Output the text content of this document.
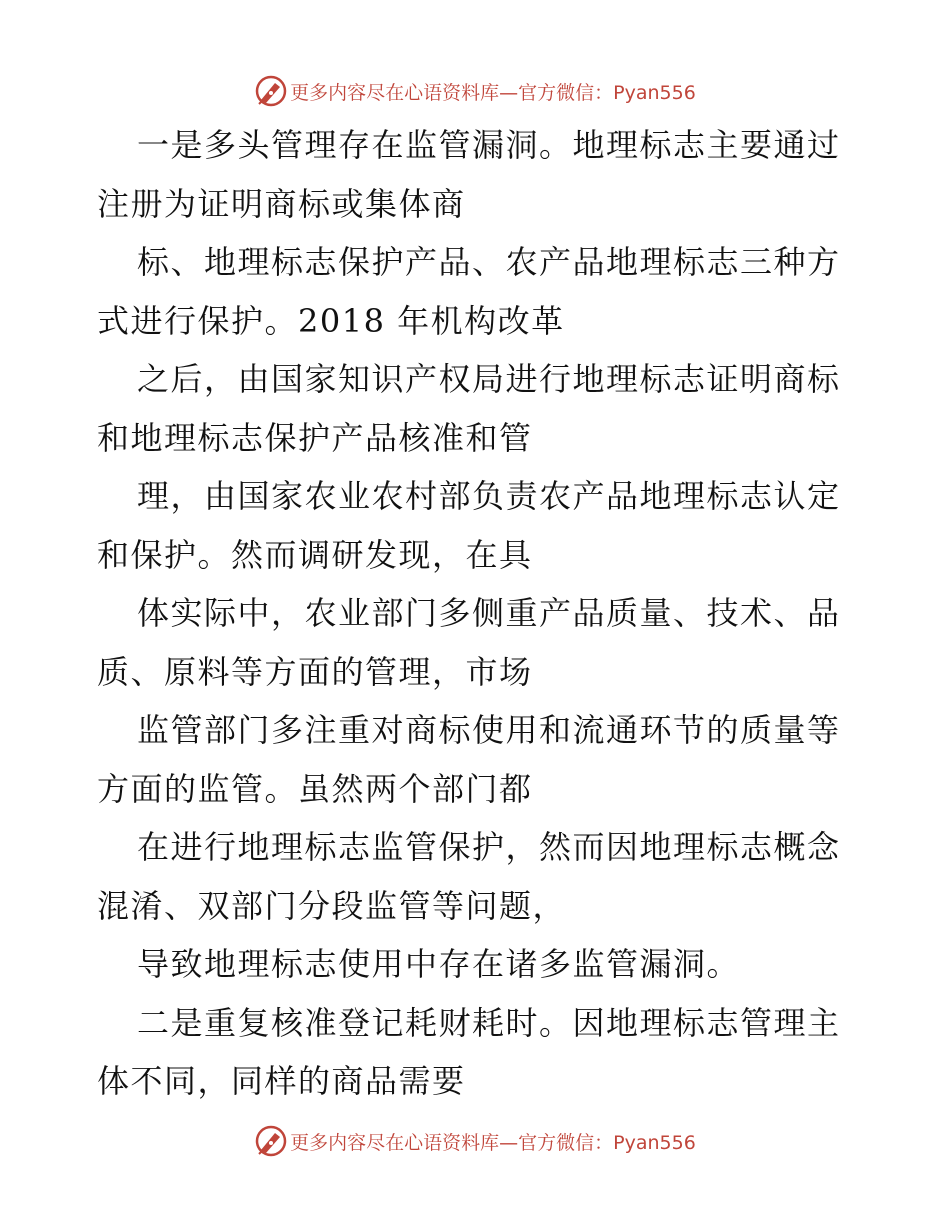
更多内容尽在心语资料库—官方微信：Pyan556
一是多头管理存在监管漏洞。地理标志主要通过
注册为证明商标或集体商
标、地理标志保护产品、农产品地理标志三种方
式进行保护。2018 年机构改革
之后，由国家知识产权局进行地理标志证明商标
和地理标志保护产品核准和管
理，由国家农业农村部负责农产品地理标志认定
和保护。然而调研发现，在具
体实际中，农业部门多侧重产品质量、技术、品
质、原料等方面的管理，市场
监管部门多注重对商标使用和流通环节的质量等
方面的监管。虽然两个部门都
在进行地理标志监管保护，然而因地理标志概念
混淆、双部门分段监管等问题，
导致地理标志使用中存在诸多监管漏洞。
二是重复核准登记耗财耗时。因地理标志管理主
体不同，同样的商品需要
更多内容尽在心语资料库—官方微信：Pyan556
